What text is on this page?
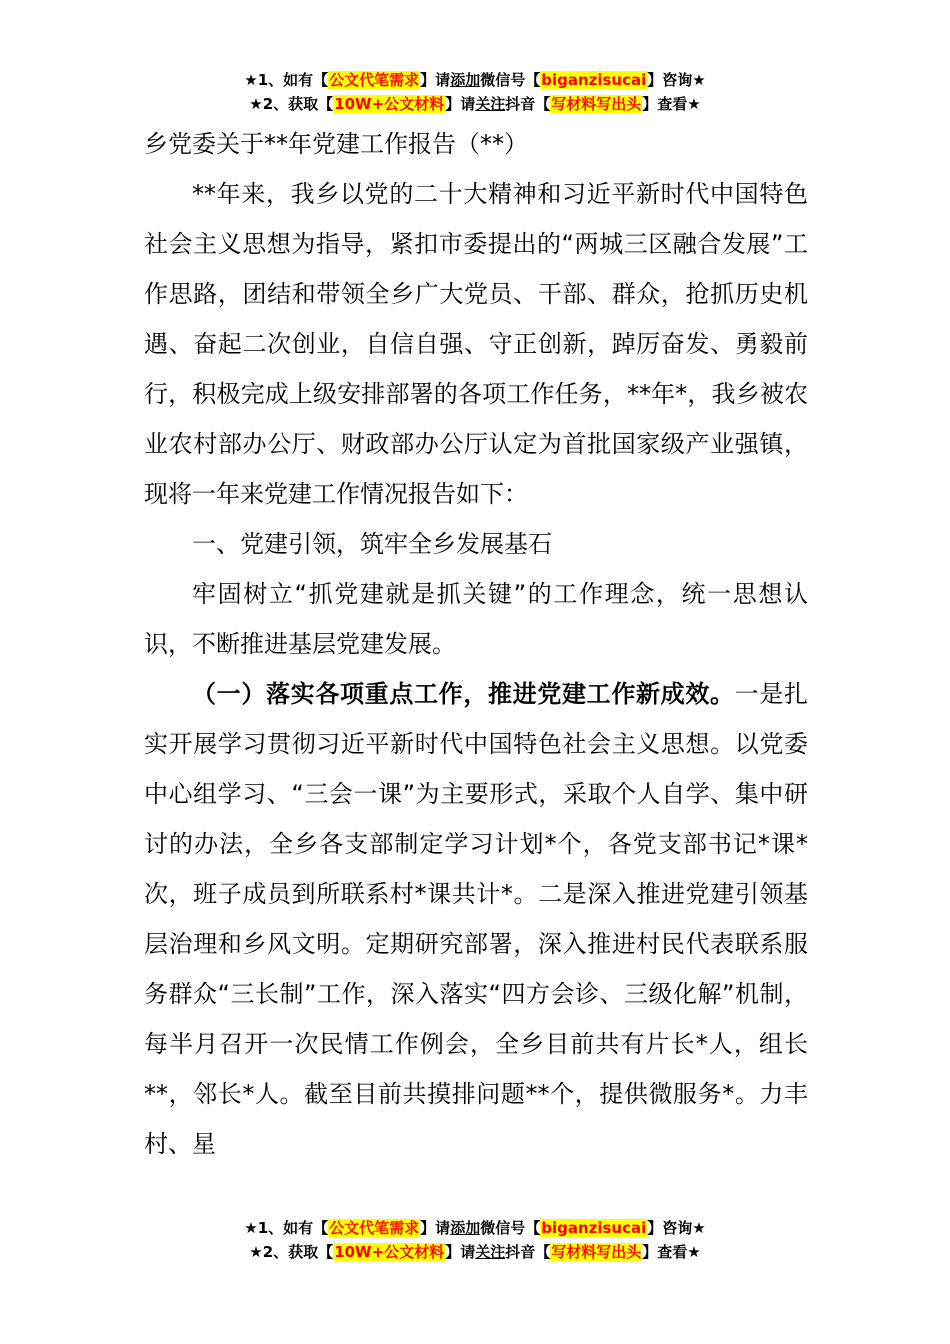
★1、如有【公文代笔需求】请添加微信号【biganzisucai】咨询★
★2、获取【10W+公文材料】请关注抖音【写材料写出头】查看★
乡党委关于**年党建工作报告（**）

**年来，我乡以党的二十大精神和习近平新时代中国特色社会主义思想为指导，紧扣市委提出的“两城三区融合发展”工作思路，团结和带领全乡广大党员、干部、群众，抢抓历史机遇、奋起二次创业，自信自强、守正创新，踔厉奋发、勇毅前行，积极完成上级安排部署的各项工作任务，**年*，我乡被农业农村部办公厅、财政部办公厅认定为首批国家级产业强镇，现将一年来党建工作情况报告如下：

一、党建引领，筑牢全乡发展基石

牢固树立“抓党建就是抓关键”的工作理念，统一思想认识，不断推进基层党建发展。

（一）落实各项重点工作，推进党建工作新成效。一是扎实开展学习贯彻习近平新时代中国特色社会主义思想。以党委中心组学习、“三会一课”为主要形式，采取个人自学、集中研讨的办法，全乡各支部制定学习计划*个，各党支部书记*课*次，班子成员到所联系村*课共计*。二是深入推进党建引领基层治理和乡风文明。定期研究部署，深入推进村民代表联系服务群众“三长制”工作，深入落实“四方会诊、三级化解”机制，每半月召开一次民情工作例会，全乡目前共有片长*人，组长**，邻长*人。截至目前共摸排问题**个，提供微服务*。力丰村、星

★1、如有【公文代笔需求】请添加微信号【biganzisucai】咨询★
★2、获取【10W+公文材料】请关注抖音【写材料写出头】查看★
